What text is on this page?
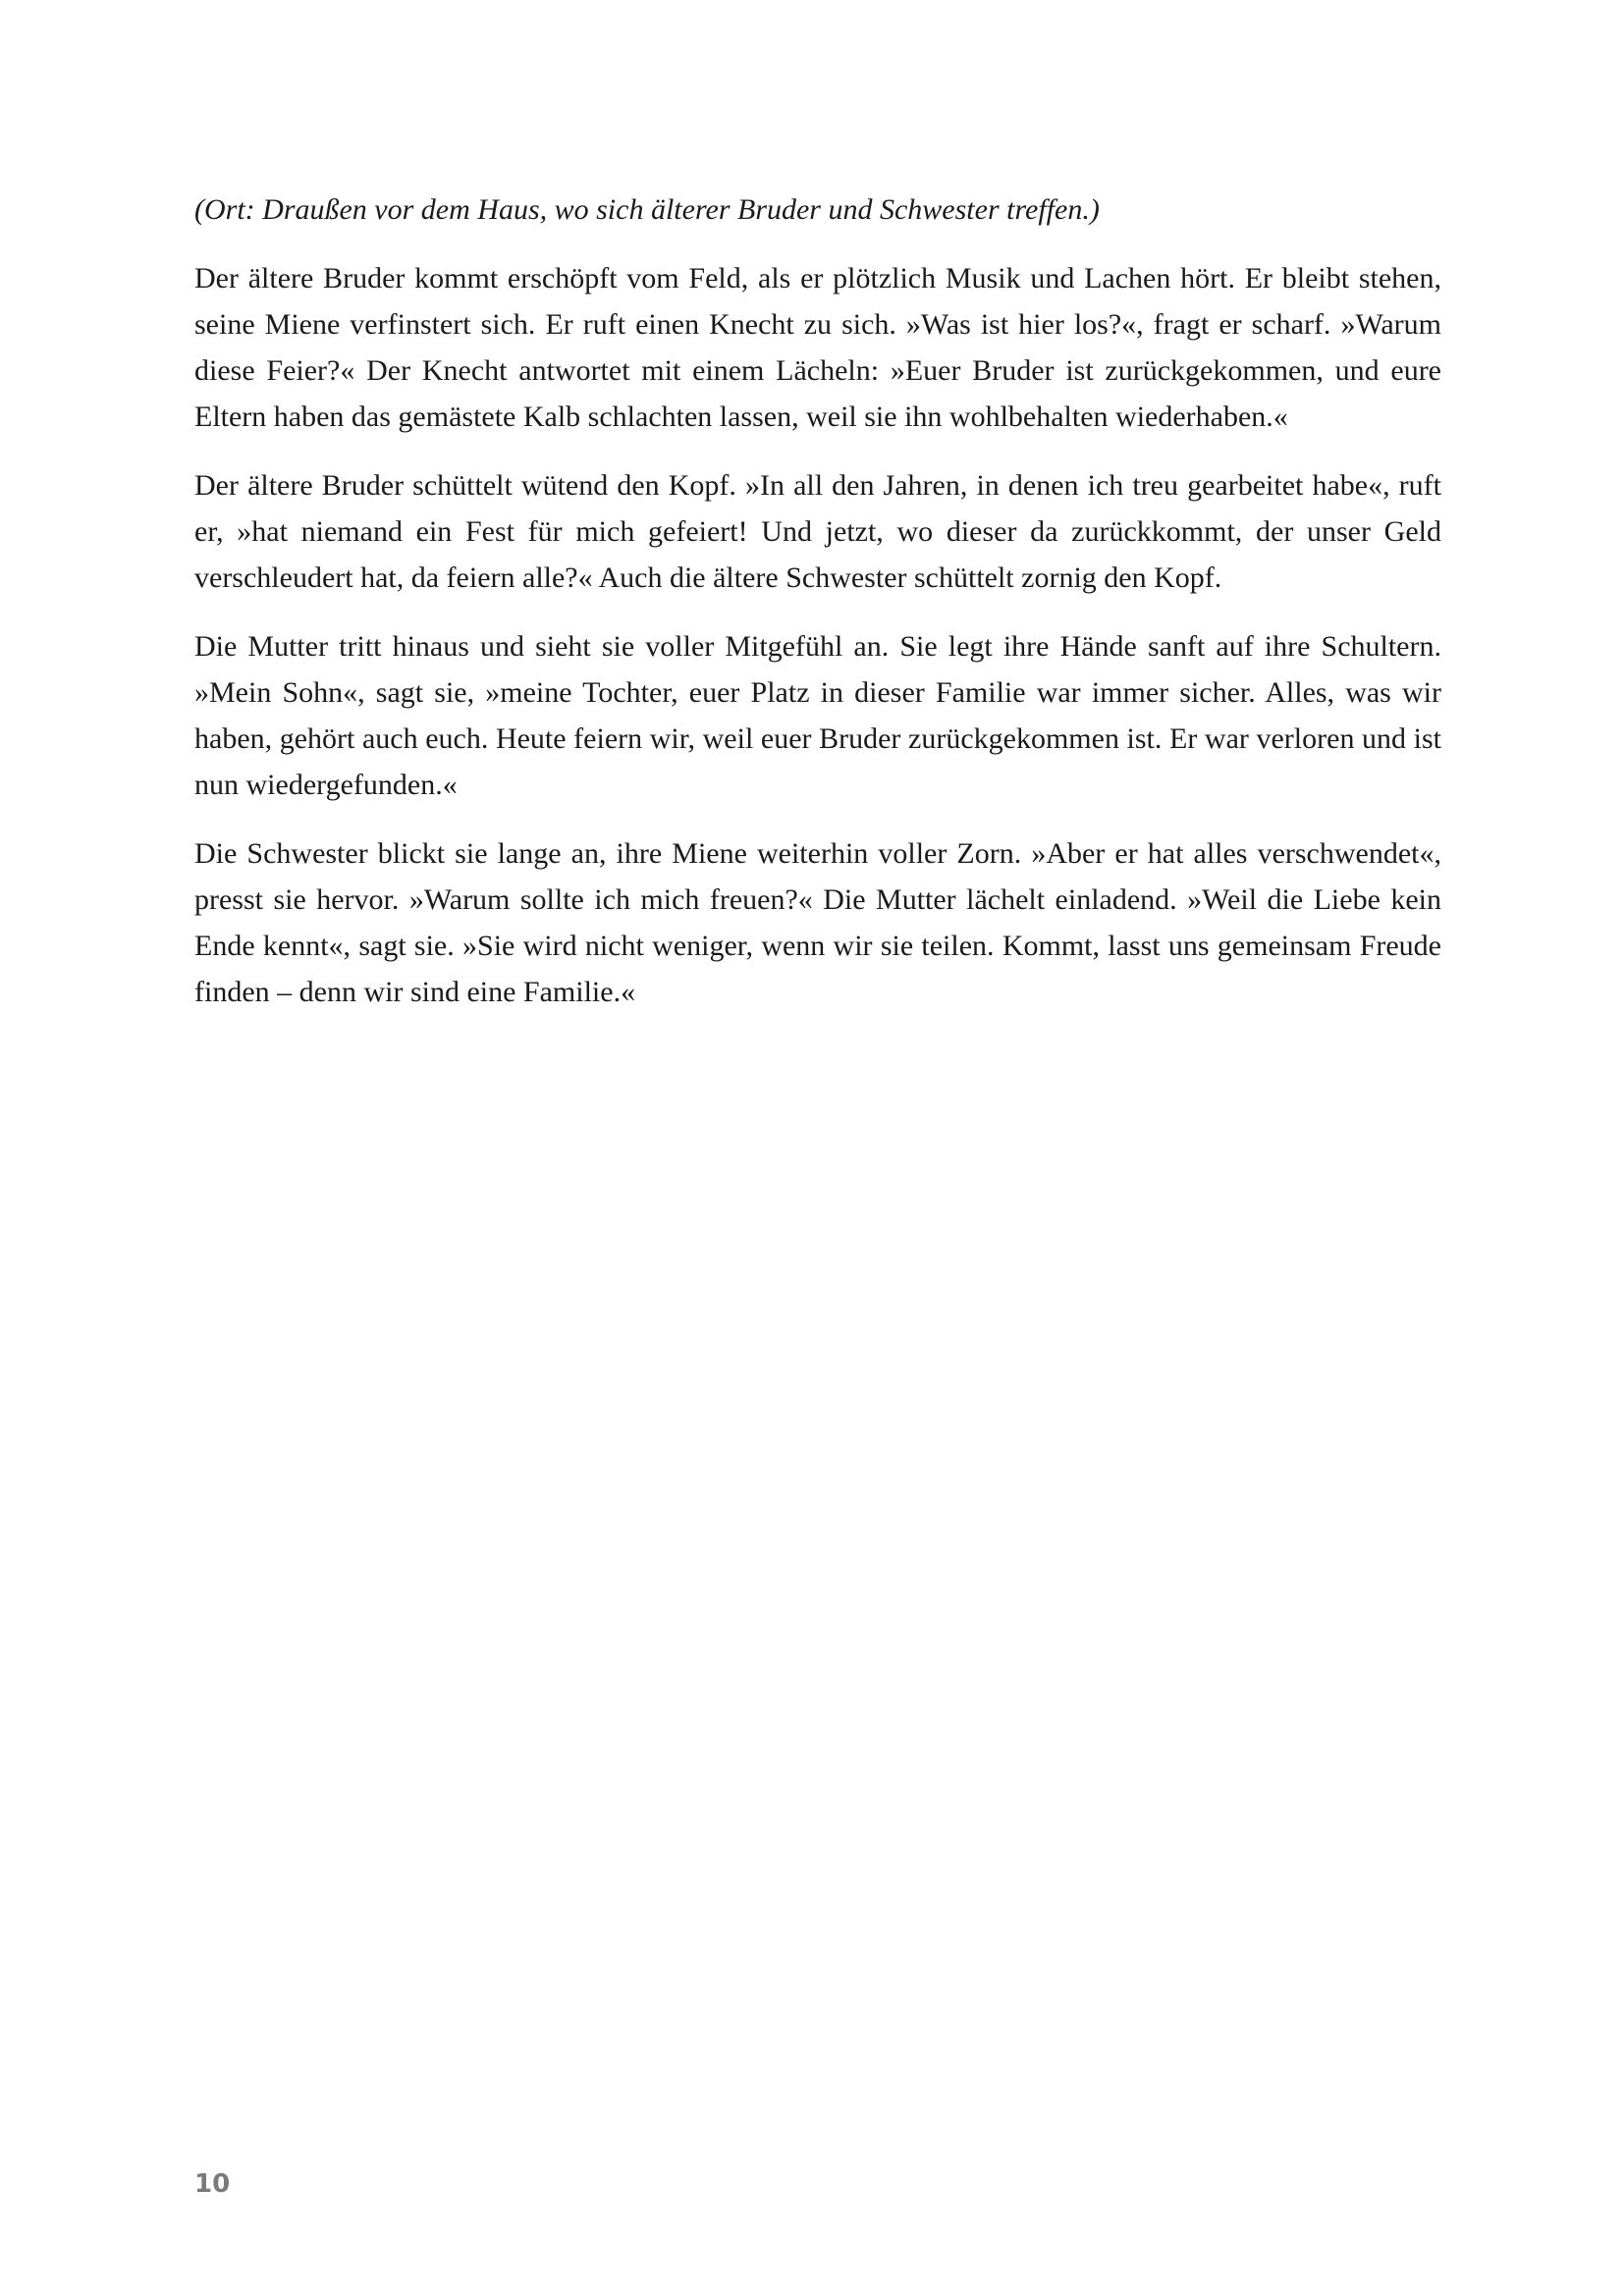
(Ort: Draußen vor dem Haus, wo sich älterer Bruder und Schwester treffen.)

Der ältere Bruder kommt erschöpft vom Feld, als er plötzlich Musik und Lachen hört. Er bleibt stehen, seine Miene verfinstert sich. Er ruft einen Knecht zu sich. »Was ist hier los?«, fragt er scharf. »Warum diese Feier?« Der Knecht antwortet mit einem Lächeln: »Euer Bruder ist zurückgekommen, und eure Eltern haben das gemästete Kalb schlachten lassen, weil sie ihn wohlbehalten wiederhaben.«

Der ältere Bruder schüttelt wütend den Kopf. »In all den Jahren, in denen ich treu gearbeitet habe«, ruft er, »hat niemand ein Fest für mich gefeiert! Und jetzt, wo dieser da zurückkommt, der unser Geld verschleudert hat, da feiern alle?« Auch die ältere Schwester schüttelt zornig den Kopf.

Die Mutter tritt hinaus und sieht sie voller Mitgefühl an. Sie legt ihre Hände sanft auf ihre Schultern. »Mein Sohn«, sagt sie, »meine Tochter, euer Platz in dieser Familie war immer sicher. Alles, was wir haben, gehört auch euch. Heute feiern wir, weil euer Bruder zurückgekommen ist. Er war verloren und ist nun wiedergefunden.«

Die Schwester blickt sie lange an, ihre Miene weiterhin voller Zorn. »Aber er hat alles verschwendet«, presst sie hervor. »Warum sollte ich mich freuen?« Die Mutter lächelt einladend. »Weil die Liebe kein Ende kennt«, sagt sie. »Sie wird nicht weniger, wenn wir sie teilen. Kommt, lasst uns gemeinsam Freude finden – denn wir sind eine Familie.«

10
